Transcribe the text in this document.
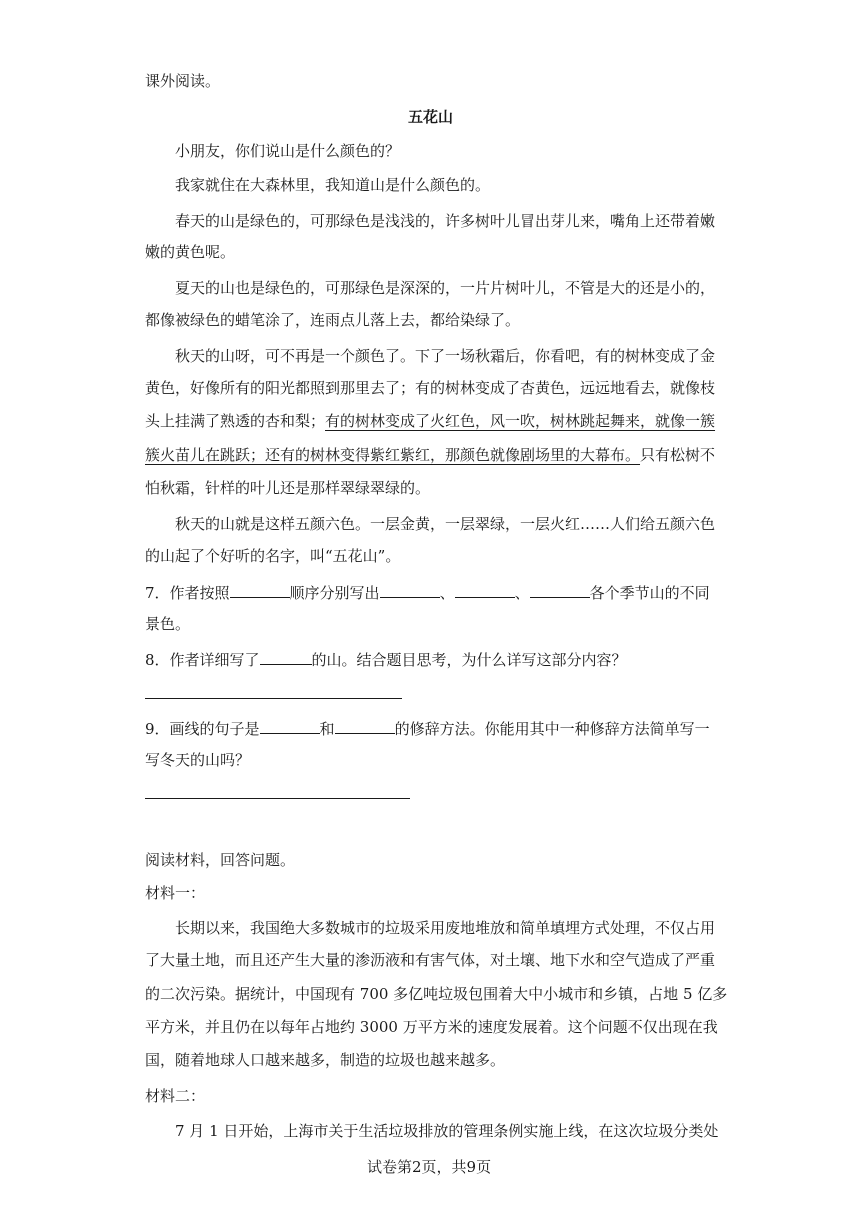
课外阅读。
五花山
小朋友，你们说山是什么颜色的？
我家就住在大森林里，我知道山是什么颜色的。
春天的山是绿色的，可那绿色是浅浅的，许多树叶儿冒出芽儿来，嘴角上还带着嫩
嫩的黄色呢。
夏天的山也是绿色的，可那绿色是深深的，一片片树叶儿，不管是大的还是小的，
都像被绿色的蜡笔涂了，连雨点儿落上去，都给染绿了。
秋天的山呀，可不再是一个颜色了。下了一场秋霜后，你看吧，有的树林变成了金
黄色，好像所有的阳光都照到那里去了；有的树林变成了杏黄色，远远地看去，就像枝
头上挂满了熟透的杏和梨；有的树林变成了火红色，风一吹，树林跳起舞来，就像一簇
簇火苗儿在跳跃；还有的树林变得紫红紫红，那颜色就像剧场里的大幕布。只有松树不
怕秋霜，针样的叶儿还是那样翠绿翠绿的。
秋天的山就是这样五颜六色。一层金黄，一层翠绿，一层火红……人们给五颜六色
的山起了个好听的名字，叫“五花山”。
7．作者按照	顺序分别写出	、	、	各个季节山的不同
景色。
8．作者详细写了	的山。结合题目思考，为什么详写这部分内容？
9．画线的句子是	和	的修辞方法。你能用其中一种修辞方法简单写一
写冬天的山吗？
阅读材料，回答问题。
材料一：
长期以来，我国绝大多数城市的垃圾采用废地堆放和简单填埋方式处理，不仅占用
了大量土地，而且还产生大量的渗沥液和有害气体，对土壤、地下水和空气造成了严重
的二次污染。据统计，中国现有 700 多亿吨垃圾包围着大中小城市和乡镇，占地 5 亿多
平方米，并且仍在以每年占地约 3000 万平方米的速度发展着。这个问题不仅出现在我
国，随着地球人口越来越多，制造的垃圾也越来越多。
材料二：
7 月 1 日开始，上海市关于生活垃圾排放的管理条例实施上线，在这次垃圾分类处
试卷第2页，共9页
